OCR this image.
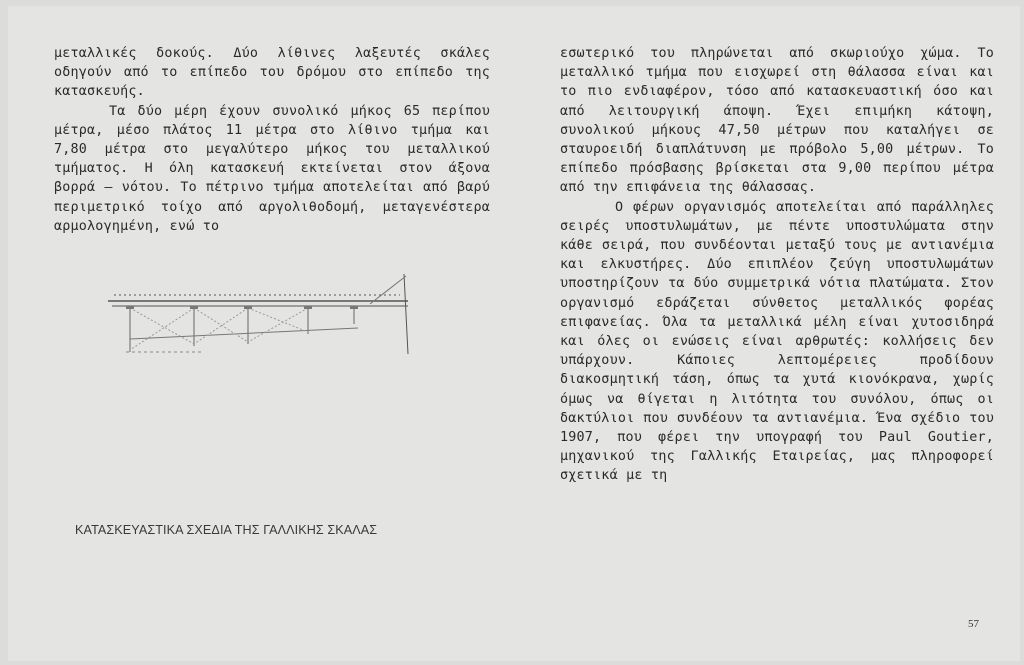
μεταλλικές δοκούς. Δύο λίθινες λαξευτές σκάλες οδηγούν από το επίπεδο του δρόμου στο επίπεδο της κατασκευής.

Τα δύο μέρη έχουν συνολικό μήκος 65 περίπου μέτρα, μέσο πλάτος 11 μέτρα στο λίθινο τμήμα και 7,80 μέτρα στο μεγαλύτερο μήκος του μεταλλικού τμήματος. Η όλη κατασκευή εκτείνεται στον άξονα βορρά – νότου. Το πέτρινο τμήμα αποτελείται από βαρύ περιμετρικό τοίχο από αργολιθοδομή, μεταγενέστερα αρμολογημένη, ενώ το

ΚΑΤΑΣΚΕΥΑΣΤΙΚΑ ΣΧΕΔΙΑ ΤΗΣ ΓΑΛΛΙΚΗΣ ΣΚΑΛΑΣ

εσωτερικό του πληρώνεται από σκωριούχο χώμα. Το μεταλλικό τμήμα που εισχωρεί στη θάλασσα είναι και το πιο ενδιαφέρον, τόσο από κατασκευαστική όσο και από λειτουργική άποψη. Έχει επιμήκη κάτοψη, συνολικού μήκους 47,50 μέτρων που καταλήγει σε σταυροειδή διαπλάτυνση με πρόβολο 5,00 μέτρων. Το επίπεδο πρόσβασης βρίσκεται στα 9,00 περίπου μέτρα από την επιφάνεια της θάλασσας.

Ο φέρων οργανισμός αποτελείται από παράλληλες σειρές υποστυλωμάτων, με πέντε υποστυλώματα στην κάθε σειρά, που συνδέονται μεταξύ τους με αντιανέμια και ελκυστήρες. Δύο επιπλέον ζεύγη υποστυλωμάτων υποστηρίζουν τα δύο συμμετρικά νότια πλατώματα. Στον οργανισμό εδράζεται σύνθετος μεταλλικός φορέας επιφανείας. Όλα τα μεταλλικά μέλη είναι χυτοσιδηρά και όλες οι ενώσεις είναι αρθρωτές: κολλήσεις δεν υπάρχουν. Κάποιες λεπτομέρειες προδίδουν διακοσμητική τάση, όπως τα χυτά κιονόκρανα, χωρίς όμως να θίγεται η λιτότητα του συνόλου, όπως οι δακτύλιοι που συνδέουν τα αντιανέμια. Ένα σχέδιο του 1907, που φέρει την υπογραφή του Paul Goutier, μηχανικού της Γαλλικής Εταιρείας, μας πληροφορεί σχετικά με τη

57
